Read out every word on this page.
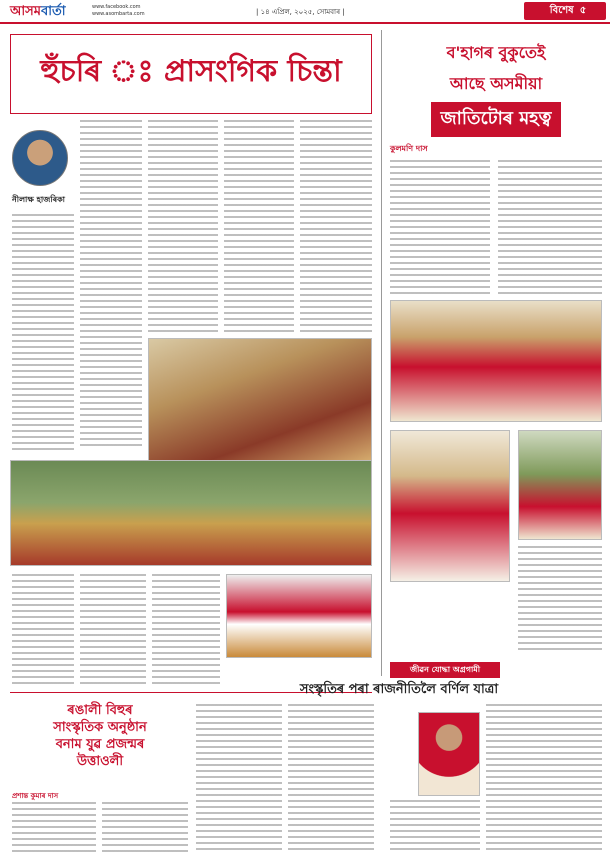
আসমবাৰ্তা	www.facebook.com
www.asombarta.com	| ১৪ এপ্ৰিল, ২০২৫, সোমবাৰ |	বিশেষ ৫
হুঁচৰি ঃ প্ৰাসংগিক চিন্তা
নীলাক্ষ হাজৰিকা
ব'হাগৰ বুকুতেই
আছে অসমীয়া
জাতিটোৰ মহত্ব
কুলমণি দাস
জীৱন যোদ্ধা অগ্ৰগামী
সংস্কৃতিৰ পৰা ৰাজনীতিলৈ বৰ্ণিল যাত্ৰা
ৰঙালী বিহুৰ
সাংস্কৃতিক অনুষ্ঠান
বনাম যুৱ প্ৰজন্মৰ
উত্তাওলী
প্ৰশান্ত কুমাৰ দাস
